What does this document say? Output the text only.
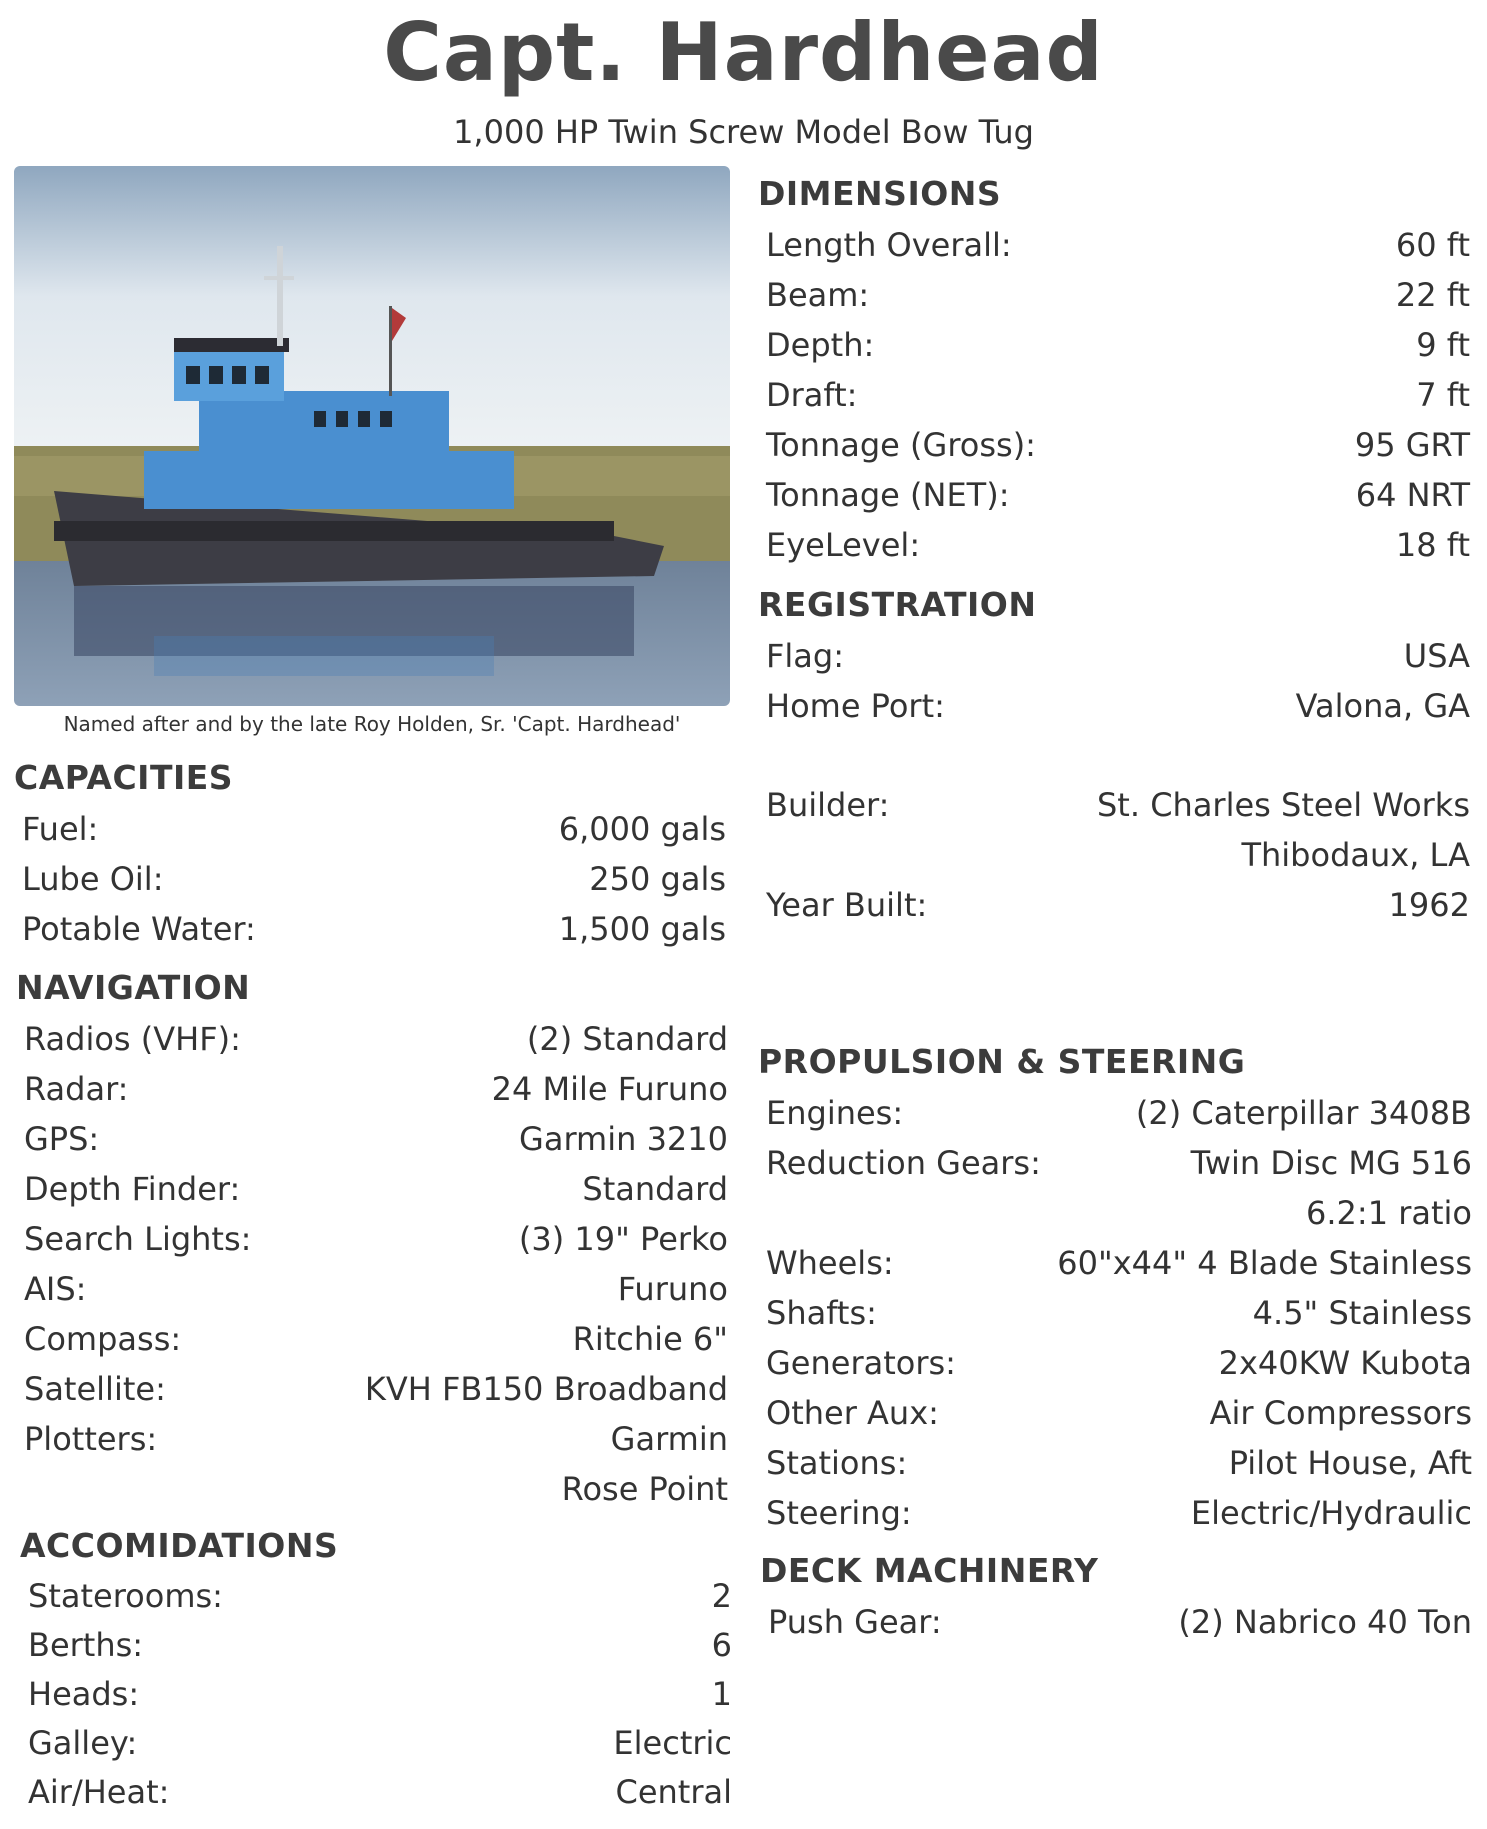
Capt. Hardhead
1,000 HP Twin Screw Model Bow Tug
Named after and by the late Roy Holden, Sr. 'Capt. Hardhead'
DIMENSIONS
Length Overall:	60 ft
Beam:	22 ft
Depth:	9 ft
Draft:	7 ft
Tonnage (Gross):	95 GRT
Tonnage (NET):	64 NRT
EyeLevel:	18 ft
REGISTRATION
Flag:	USA
Home Port:	Valona, GA
Builder:	St. Charles Steel Works
Thibodaux, LA
Year Built:	1962
CAPACITIES
Fuel:	6,000 gals
Lube Oil:	250 gals
Potable Water:	1,500 gals
NAVIGATION
Radios (VHF):	(2) Standard
Radar:	24 Mile Furuno
GPS:	Garmin 3210
Depth Finder:	Standard
Search Lights:	(3) 19" Perko
AIS:	Furuno
Compass:	Ritchie 6"
Satellite:	KVH FB150 Broadband
Plotters:	Garmin
Rose Point
ACCOMIDATIONS
Staterooms:	2
Berths:	6
Heads:	1
Galley:	Electric
Air/Heat:	Central
PROPULSION & STEERING
Engines:	(2) Caterpillar 3408B
Reduction Gears:	Twin Disc MG 516
6.2:1 ratio
Wheels:	60"x44" 4 Blade Stainless
Shafts:	4.5" Stainless
Generators:	2x40KW Kubota
Other Aux:	Air Compressors
Stations:	Pilot House, Aft
Steering:	Electric/Hydraulic
DECK MACHINERY
Push Gear:	(2) Nabrico 40 Ton
